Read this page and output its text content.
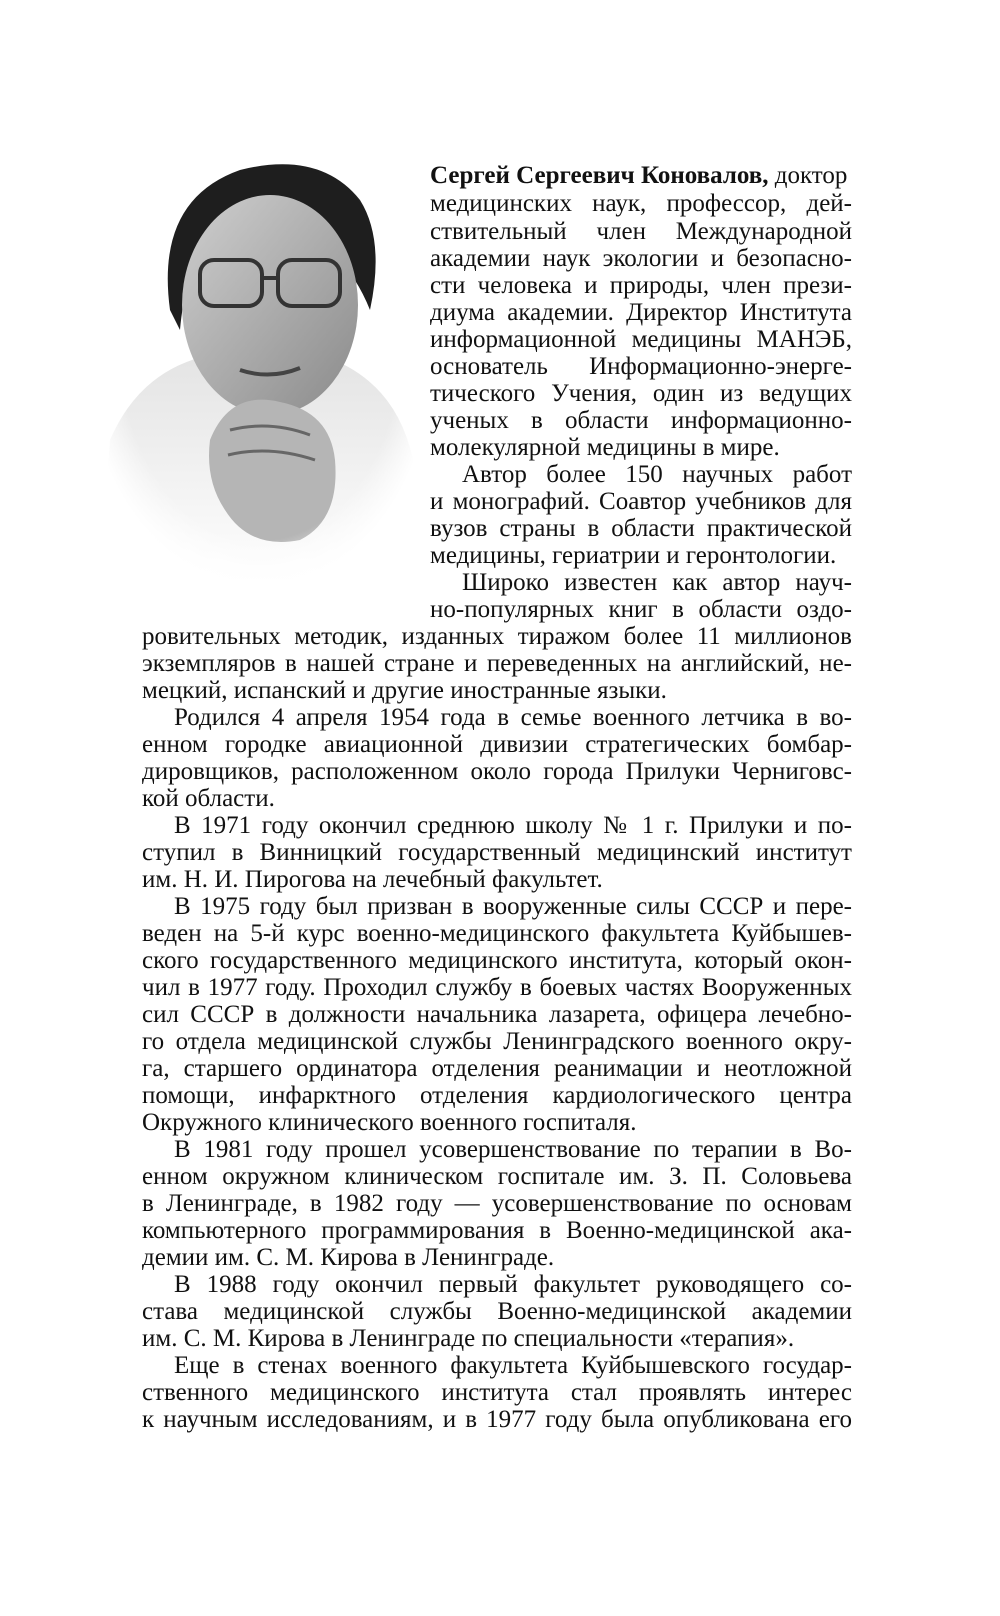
Сергей Сергеевич Коновалов, доктор
медицинских наук, профессор, дей-
ствительный член Международной
академии наук экологии и безопасно-
сти человека и природы, член прези-
диума академии. Директор Института
информационной медицины МАНЭБ,
основатель Информационно-энерге-
тического Учения, один из ведущих
ученых в области информационно-
молекулярной медицины в мире.
Автор более 150 научных работ
и монографий. Соавтор учебников для
вузов страны в области практической
медицины, гериатрии и геронтологии.
Широко известен как автор науч-
но-популярных книг в области оздо-
ровительных методик, изданных тиражом более 11 миллионов
экземпляров в нашей стране и переведенных на английский, не-
мецкий, испанский и другие иностранные языки.
Родился 4 апреля 1954 года в семье военного летчика в во-
енном городке авиационной дивизии стратегических бомбар-
дировщиков, расположенном около города Прилуки Черниговс-
кой области.
В 1971 году окончил среднюю школу № 1 г. Прилуки и по-
ступил в Винницкий государственный медицинский институт
им. Н. И. Пирогова на лечебный факультет.
В 1975 году был призван в вооруженные силы СССР и пере-
веден на 5-й курс военно-медицинского факультета Куйбышев-
ского государственного медицинского института, который окон-
чил в 1977 году. Проходил службу в боевых частях Вооруженных
сил СССР в должности начальника лазарета, офицера лечебно-
го отдела медицинской службы Ленинградского военного окру-
га, старшего ординатора отделения реанимации и неотложной
помощи, инфарктного отделения кардиологического центра
Окружного клинического военного госпиталя.
В 1981 году прошел усовершенствование по терапии в Во-
енном окружном клиническом госпитале им. З. П. Соловьева
в Ленинграде, в 1982 году — усовершенствование по основам
компьютерного программирования в Военно-медицинской ака-
демии им. С. М. Кирова в Ленинграде.
В 1988 году окончил первый факультет руководящего со-
става медицинской службы Военно-медицинской академии
им. С. М. Кирова в Ленинграде по специальности «терапия».
Еще в стенах военного факультета Куйбышевского государ-
ственного медицинского института стал проявлять интерес
к научным исследованиям, и в 1977 году была опубликована его
